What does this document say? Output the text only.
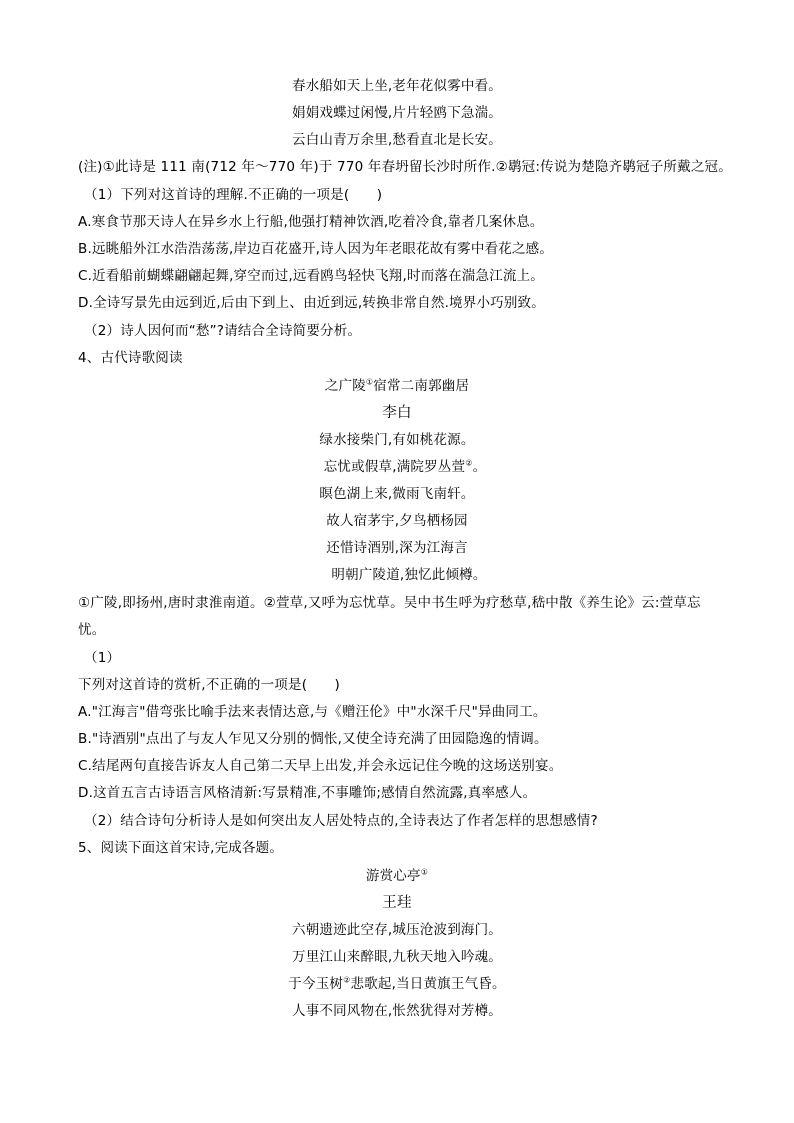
春水船如天上坐,老年花似雾中看。
娟娟戏蝶过闲慢,片片轻鸥下急湍。
云白山青万余里,愁看直北是长安。
(注)①此诗是 111 南(712 年～770 年)于 770 年春坍留长沙时所作.②鹖冠:传说为楚隐齐鹖冠子所戴之冠。
（1）下列对这首诗的理解.不正确的一项是(　　)
A.寒食节那天诗人在异乡水上行船,他强打精神饮酒,吃着冷食,靠者几案休息。
B.远眺船外江水浩浩荡荡,岸边百花盛开,诗人因为年老眼花故有雾中看花之感。
C.近看船前蝴蝶翩翩起舞,穿空而过,远看鸥鸟轻快飞翔,时而落在湍急江流上。
D.全诗写景先由远到近,后由下到上、由近到远,转换非常自然.境界小巧别致。
（2）诗人因何而“愁”?请结合全诗简要分析。
4、古代诗歌阅读
之广陵①宿常二南郭幽居
李白
绿水接柴门,有如桃花源。
忘忧或假草,满院罗丛萱②。
暝色湖上来,微雨飞南轩。
故人宿茅宇,夕鸟栖杨园
还惜诗酒别,深为江海言
明朝广陵道,独忆此倾樽。
①广陵,即扬州,唐时隶淮南道。②萱草,又呼为忘忧草。吴中书生呼为疗愁草,嵇中散《养生论》云:萱草忘
忧。
（1）
下列对这首诗的赏析,不正确的一项是(　　)
A."江海言"借弯张比喻手法来表情达意,与《赠汪伦》中"水深千尺"异曲同工。
B."诗酒别"点出了与友人乍见又分别的惆怅,又使全诗充满了田园隐逸的情调。
C.结尾两句直接告诉友人自己第二天早上出发,并会永远记住今晚的这场送别宴。
D.这首五言古诗语言风格清新:写景精准,不事雕饰;感情自然流露,真率感人。
（2）结合诗句分析诗人是如何突出友人居处特点的,全诗表达了作者怎样的思想感情?
5、阅读下面这首宋诗,完成各题。
游赏心亭①
王珪
六朝遗迹此空存,城压沧波到海门。
万里江山来醉眼,九秋天地入吟魂。
于今玉树②悲歌起,当日黄旗王气昏。
人事不同风物在,怅然犹得对芳樽。
